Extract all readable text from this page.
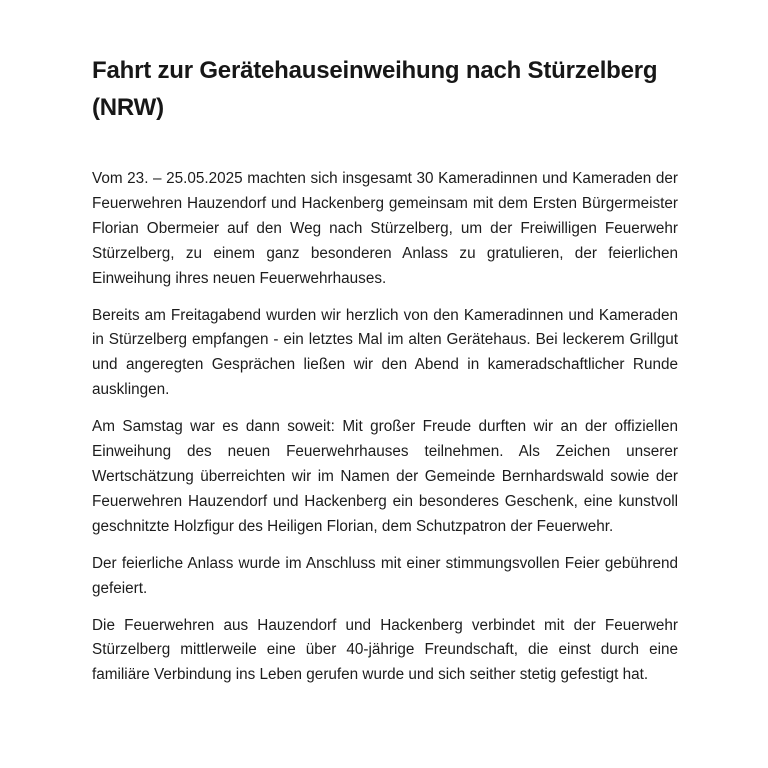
Fahrt zur Gerätehauseinweihung nach Stürzelberg (NRW)

Vom 23. – 25.05.2025 machten sich insgesamt 30 Kameradinnen und Kameraden der Feuerwehren Hauzendorf und Hackenberg gemeinsam mit dem Ersten Bürgermeister Florian Obermeier auf den Weg nach Stürzelberg, um der Freiwilligen Feuerwehr Stürzelberg, zu einem ganz besonderen Anlass zu gratulieren, der feierlichen Einweihung ihres neuen Feuerwehrhauses.

Bereits am Freitagabend wurden wir herzlich von den Kameradinnen und Kameraden in Stürzelberg empfangen - ein letztes Mal im alten Gerätehaus. Bei leckerem Grillgut und angeregten Gesprächen ließen wir den Abend in kameradschaftlicher Runde ausklingen.

Am Samstag war es dann soweit: Mit großer Freude durften wir an der offiziellen Einweihung des neuen Feuerwehrhauses teilnehmen. Als Zeichen unserer Wertschätzung überreichten wir im Namen der Gemeinde Bernhardswald sowie der Feuerwehren Hauzendorf und Hackenberg ein besonderes Geschenk, eine kunstvoll geschnitzte Holzfigur des Heiligen Florian, dem Schutzpatron der Feuerwehr.

Der feierliche Anlass wurde im Anschluss mit einer stimmungsvollen Feier gebührend gefeiert.

Die Feuerwehren aus Hauzendorf und Hackenberg verbindet mit der Feuerwehr Stürzelberg mittlerweile eine über 40-jährige Freundschaft, die einst durch eine familiäre Verbindung ins Leben gerufen wurde und sich seither stetig gefestigt hat.
